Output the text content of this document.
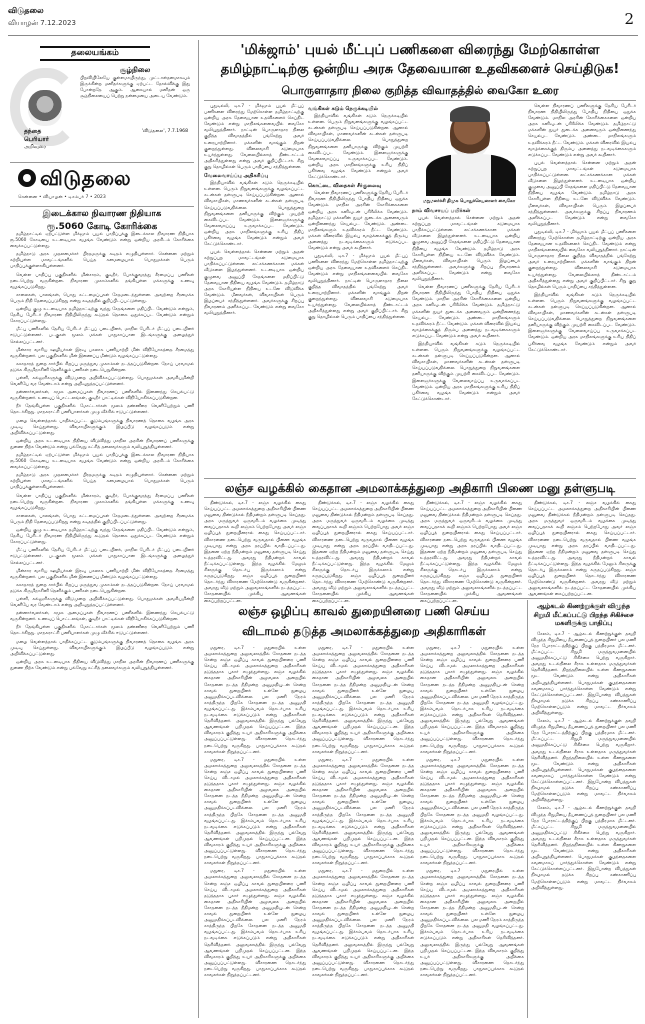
விடுதலை
வியாழன் 7.12.2023	2
தலையங்கம்
தந்தை
பெரியார்
அறிவுரை
சூழ்நிலை
பிறவியிலேயே குள்ளமாயிருந்து, முட்டாள்தனமாகவும் இருக்கின்ற மனிதர்களுக்கு ஏற்பட்ட தோல்விக்கு இது போன்றதே ஆகும். ஆகையால் மனிதன் ஒரு சூழ்நிலையைப் பெற்று நன்மையை அடைய வேண்டும்.
'விடுதலை', 7.7.1968
விடுதலை
சென்னை • வியாழன் • டிசம்பர் 7 • 2023
இடைக்கால நிவாரண நிதியாக
ரூ.5060 கோடி கோரிக்கை

தமிழ்நாட்டில் ஏற்பட்டுள்ள மிக்ஜாம் புயல் பாதிப்புக்கு இடைக்கால நிவாரண நிதியாக ரூ.5060 கோடியை உடனடியாக வழங்க வேண்டும் என்று ஒன்றிய அரசிடம் கோரிக்கை வைக்கப்பட்டுள்ளது.

தமிழ்நாடு அரசு முதலமைச்சர் பிரதமருக்கு கடிதம் எழுதியுள்ளார். சென்னை மற்றும் சுற்றியுள்ள மாவட்டங்களில் பெய்த கனமழையால் பொதுமக்கள் பெரும் பாதிப்புக்குள்ளாகியுள்ளனர்.

வெள்ள பாதிப்பு பகுதிகளில் மின்சாரம், குடிநீர், போக்குவரத்து சீரமைப்பு பணிகள் நடைபெற்று வருகின்றன. நிவாரண முகாம்களில் தங்கியுள்ள மக்களுக்கு உணவு வழங்கப்படுகிறது.

சாலைகள், பாலங்கள், பொது கட்டமைப்புகள் சேதமடைந்துள்ளன. அவற்றை சீரமைக்க பெரும் நிதி தேவைப்படுகிறது என்று கடிதத்தில் குறிப்பிடப்பட்டுள்ளது.

ஒன்றிய குழு உடனடியாக தமிழ்நாட்டிற்கு வந்து சேதங்களை மதிப்பிட வேண்டும் என்றும், தேசிய பேரிடர் நிவாரண நிதியிலிருந்து கூடுதல் தொகை ஒதுக்கப்பட வேண்டும் என்றும் கோரப்பட்டுள்ளது.

மீட்பு பணிகளில் தேசிய பேரிடர் மீட்புப் படையினர், மாநில பேரிடர் மீட்புப் படையினர் ஈடுபட்டுள்ளனர். படகுகள் மூலம் மக்கள் பாதுகாப்பான இடங்களுக்கு அழைத்துச் செல்லப்பட்டனர்.

மின்சார வாரிய ஊழியர்கள் இரவு பகலாக பணியாற்றி மின் விநியோகத்தை சீரமைத்து வருகின்றனர். பல பகுதிகளில் மின் இணைப்பு மீண்டும் வழங்கப்பட்டுள்ளது.

சுகாதாரத் துறை சார்பில் சிறப்பு மருத்துவ முகாம்கள் நடத்தப்படுகின்றன. நோய் பரவாமல் தடுக்க கிருமிநாசினி தெளிக்கும் பணிகள் நடைபெறுகின்றன.

பள்ளி, கல்லூரிகளுக்கு விடுமுறை அறிவிக்கப்பட்டுள்ளது. பொதுமக்கள் அவசியமின்றி வெளியே வர வேண்டாம் என்று அறிவுறுத்தப்பட்டுள்ளனர்.

தன்னார்வலர்கள், சமூக அமைப்புகள் நிவாரணப் பணிகளில் இணைந்து செயல்பட்டு வருகின்றனர். உணவுப் பொட்டலங்கள், குடிநீர் பாட்டில்கள் விநியோகிக்கப்படுகின்றன.

நீர் தேங்கியுள்ள பகுதிகளில் மோட்டார்கள் மூலம் தண்ணீரை வெளியேற்றும் பணி தொடர்கிறது. மாநகராட்சி பணியாளர்கள் முழு வீச்சில் ஈடுபட்டுள்ளனர்.

மழை வெள்ளத்தால் பாதிக்கப்பட்ட குடும்பங்களுக்கு நிவாரணத் தொகை வழங்க அரசு முடிவு செய்துள்ளது. விவசாயிகளுக்கும் இழப்பீடு வழங்கப்படும் என்று அறிவிக்கப்பட்டுள்ளது.

ஒன்றிய அரசு உடனடியாக நிதியை விடுவித்து மாநில அரசின் நிவாரணப் பணிகளுக்கு துணை நிற்க வேண்டும் என்று பல்வேறு கட்சித் தலைவர்களும் வலியுறுத்தியுள்ளனர்.

தமிழ்நாட்டில் ஏற்பட்டுள்ள மிக்ஜாம் புயல் பாதிப்புக்கு இடைக்கால நிவாரண நிதியாக ரூ.5060 கோடியை உடனடியாக வழங்க வேண்டும் என்று ஒன்றிய அரசிடம் கோரிக்கை வைக்கப்பட்டுள்ளது.

தமிழ்நாடு அரசு முதலமைச்சர் பிரதமருக்கு கடிதம் எழுதியுள்ளார். சென்னை மற்றும் சுற்றியுள்ள மாவட்டங்களில் பெய்த கனமழையால் பொதுமக்கள் பெரும் பாதிப்புக்குள்ளாகியுள்ளனர்.

வெள்ள பாதிப்பு பகுதிகளில் மின்சாரம், குடிநீர், போக்குவரத்து சீரமைப்பு பணிகள் நடைபெற்று வருகின்றன. நிவாரண முகாம்களில் தங்கியுள்ள மக்களுக்கு உணவு வழங்கப்படுகிறது.

சாலைகள், பாலங்கள், பொது கட்டமைப்புகள் சேதமடைந்துள்ளன. அவற்றை சீரமைக்க பெரும் நிதி தேவைப்படுகிறது என்று கடிதத்தில் குறிப்பிடப்பட்டுள்ளது.

ஒன்றிய குழு உடனடியாக தமிழ்நாட்டிற்கு வந்து சேதங்களை மதிப்பிட வேண்டும் என்றும், தேசிய பேரிடர் நிவாரண நிதியிலிருந்து கூடுதல் தொகை ஒதுக்கப்பட வேண்டும் என்றும் கோரப்பட்டுள்ளது.

மீட்பு பணிகளில் தேசிய பேரிடர் மீட்புப் படையினர், மாநில பேரிடர் மீட்புப் படையினர் ஈடுபட்டுள்ளனர். படகுகள் மூலம் மக்கள் பாதுகாப்பான இடங்களுக்கு அழைத்துச் செல்லப்பட்டனர்.

மின்சார வாரிய ஊழியர்கள் இரவு பகலாக பணியாற்றி மின் விநியோகத்தை சீரமைத்து வருகின்றனர். பல பகுதிகளில் மின் இணைப்பு மீண்டும் வழங்கப்பட்டுள்ளது.

சுகாதாரத் துறை சார்பில் சிறப்பு மருத்துவ முகாம்கள் நடத்தப்படுகின்றன. நோய் பரவாமல் தடுக்க கிருமிநாசினி தெளிக்கும் பணிகள் நடைபெறுகின்றன.

பள்ளி, கல்லூரிகளுக்கு விடுமுறை அறிவிக்கப்பட்டுள்ளது. பொதுமக்கள் அவசியமின்றி வெளியே வர வேண்டாம் என்று அறிவுறுத்தப்பட்டுள்ளனர்.

தன்னார்வலர்கள், சமூக அமைப்புகள் நிவாரணப் பணிகளில் இணைந்து செயல்பட்டு வருகின்றனர். உணவுப் பொட்டலங்கள், குடிநீர் பாட்டில்கள் விநியோகிக்கப்படுகின்றன.

நீர் தேங்கியுள்ள பகுதிகளில் மோட்டார்கள் மூலம் தண்ணீரை வெளியேற்றும் பணி தொடர்கிறது. மாநகராட்சி பணியாளர்கள் முழு வீச்சில் ஈடுபட்டுள்ளனர்.

மழை வெள்ளத்தால் பாதிக்கப்பட்ட குடும்பங்களுக்கு நிவாரணத் தொகை வழங்க அரசு முடிவு செய்துள்ளது. விவசாயிகளுக்கும் இழப்பீடு வழங்கப்படும் என்று அறிவிக்கப்பட்டுள்ளது.

ஒன்றிய அரசு உடனடியாக நிதியை விடுவித்து மாநில அரசின் நிவாரணப் பணிகளுக்கு துணை நிற்க வேண்டும் என்று பல்வேறு கட்சித் தலைவர்களும் வலியுறுத்தியுள்ளனர்.

'மிக்ஜாம்' புயல் மீட்புப் பணிகளை விரைந்து மேற்கொள்ள
தமிழ்நாட்டிற்கு ஒன்றிய அரசு தேவையான உதவிகளைச் செய்திடுக!
பொருளாதார நிலை குறித்த விவாதத்தில் வைகோ உரை

புதுடில்லி, டிச.7 - மிக்ஜாம் புயல் மீட்புப் பணிகளை விரைந்து மேற்கொள்ள தமிழ்நாட்டிற்கு ஒன்றிய அரசு தேவையான உதவிகளைச் செய்திட வேண்டும் என்று மாநிலங்களவையில் வைகோ வலியுறுத்தினார். நாட்டின் பொருளாதார நிலை குறித்த விவாதத்தில் பங்கேற்று அவர் உரையாற்றினார். மக்களின் வாங்கும் திறன் குறைந்துள்ளது. விலைவாசி கடுமையாக உயர்ந்துள்ளது. வேலையில்லாத் திண்டாட்டம் அதிகரித்துள்ளது என்று அவர் குறிப்பிட்டார். சிறு குறு தொழில்கள் பெரும் பாதிப்பை சந்தித்துள்ளன.

வேலைவாய்ப்பு அதிகரிப்பு

இந்தியாவில் வங்கிகள் கடும் நெருக்கடியில் உள்ளன. பெரும் நிறுவனங்களுக்கு வழங்கப்பட்ட கடன்கள் தள்ளுபடி செய்யப்படுகின்றன. ஆனால் விவசாயிகள், மாணவர்களின் கடன்கள் தள்ளுபடி செய்யப்படுவதில்லை. பொதுத்துறை நிறுவனங்களை தனியாருக்கு விற்கும் முயற்சி கைவிடப்பட வேண்டும். இளைஞர்களுக்கு வேலைவாய்ப்பு உருவாக்கப்பட வேண்டும். ஒன்றிய அரசு மாநிலங்களுக்கு உரிய நிதிப் பகிர்வை வழங்க வேண்டும் என்றும் அவர் கேட்டுக்கொண்டார்.

புயல் வெள்ளத்தால் சென்னை மற்றும் அதன் சுற்றுப்புற மாவட்டங்கள் கடுமையாக பாதிக்கப்பட்டுள்ளன. லட்சக்கணக்கான மக்கள் வீடுகளை இழந்துள்ளனர். உடனடியாக ஒன்றிய குழுவை அனுப்பி சேதங்களை மதிப்பிட்டு தேவையான நிதியை வழங்க வேண்டும். தமிழ்நாடு அரசு கோரியுள்ள நிதியை உடனே விடுவிக்க வேண்டும். மீனவர்கள், விவசாயிகள் பெரும் இழப்பைச் சந்தித்துள்ளனர். அவர்களுக்கு சிறப்பு நிவாரணம் அளிக்கப்பட வேண்டும் என்று வைகோ வலியுறுத்தினார்.

வங்கிகள் கடும் நெருக்கடியில்

இந்தியாவில் வங்கிகள் கடும் நெருக்கடியில் உள்ளன. பெரும் நிறுவனங்களுக்கு வழங்கப்பட்ட கடன்கள் தள்ளுபடி செய்யப்படுகின்றன. ஆனால் விவசாயிகள், மாணவர்களின் கடன்கள் தள்ளுபடி செய்யப்படுவதில்லை. பொதுத்துறை நிறுவனங்களை தனியாருக்கு விற்கும் முயற்சி கைவிடப்பட வேண்டும். இளைஞர்களுக்கு வேலைவாய்ப்பு உருவாக்கப்பட வேண்டும். ஒன்றிய அரசு மாநிலங்களுக்கு உரிய நிதிப் பகிர்வை வழங்க வேண்டும் என்றும் அவர் கேட்டுக்கொண்டார்.

கொட்டை விதைகள் சீர்குலைவு

வெள்ள நிவாரணப் பணிகளுக்கு தேசிய பேரிடர் நிவாரண நிதியிலிருந்து போதிய நிதியை ஒதுக்க வேண்டும். மாநில அரசின் கோரிக்கைகளை ஒன்றிய அரசு கனிவுடன் பரிசீலிக்க வேண்டும். தமிழ்நாட்டு மக்களின் துயர் துடைக்க அனைவரும் ஒன்றிணைந்து செயல்பட வேண்டும். அண்டை மாநிலங்களும் உதவிக்கரம் நீட்ட வேண்டும். மக்கள் விரைவில் இயல்பு வாழ்க்கைக்குத் திரும்ப அனைத்து நடவடிக்கைகளும் எடுக்கப்பட வேண்டும் என்று அவர் கூறினார்.

புதுடில்லி, டிச.7 - மிக்ஜாம் புயல் மீட்புப் பணிகளை விரைந்து மேற்கொள்ள தமிழ்நாட்டிற்கு ஒன்றிய அரசு தேவையான உதவிகளைச் செய்திட வேண்டும் என்று மாநிலங்களவையில் வைகோ வலியுறுத்தினார். நாட்டின் பொருளாதார நிலை குறித்த விவாதத்தில் பங்கேற்று அவர் உரையாற்றினார். மக்களின் வாங்கும் திறன் குறைந்துள்ளது. விலைவாசி கடுமையாக உயர்ந்துள்ளது. வேலையில்லாத் திண்டாட்டம் அதிகரித்துள்ளது என்று அவர் குறிப்பிட்டார். சிறு குறு தொழில்கள் பெரும் பாதிப்பை சந்தித்துள்ளன.

மறுமலர்ச்சி திமுக பொதுச்செயலாளர் வைகோ

நாம் விவசாயப் பயிர்கள்

புயல் வெள்ளத்தால் சென்னை மற்றும் அதன் சுற்றுப்புற மாவட்டங்கள் கடுமையாக பாதிக்கப்பட்டுள்ளன. லட்சக்கணக்கான மக்கள் வீடுகளை இழந்துள்ளனர். உடனடியாக ஒன்றிய குழுவை அனுப்பி சேதங்களை மதிப்பிட்டு தேவையான நிதியை வழங்க வேண்டும். தமிழ்நாடு அரசு கோரியுள்ள நிதியை உடனே விடுவிக்க வேண்டும். மீனவர்கள், விவசாயிகள் பெரும் இழப்பைச் சந்தித்துள்ளனர். அவர்களுக்கு சிறப்பு நிவாரணம் அளிக்கப்பட வேண்டும் என்று வைகோ வலியுறுத்தினார்.

வெள்ள நிவாரணப் பணிகளுக்கு தேசிய பேரிடர் நிவாரண நிதியிலிருந்து போதிய நிதியை ஒதுக்க வேண்டும். மாநில அரசின் கோரிக்கைகளை ஒன்றிய அரசு கனிவுடன் பரிசீலிக்க வேண்டும். தமிழ்நாட்டு மக்களின் துயர் துடைக்க அனைவரும் ஒன்றிணைந்து செயல்பட வேண்டும். அண்டை மாநிலங்களும் உதவிக்கரம் நீட்ட வேண்டும். மக்கள் விரைவில் இயல்பு வாழ்க்கைக்குத் திரும்ப அனைத்து நடவடிக்கைகளும் எடுக்கப்பட வேண்டும் என்று அவர் கூறினார்.

இந்தியாவில் வங்கிகள் கடும் நெருக்கடியில் உள்ளன. பெரும் நிறுவனங்களுக்கு வழங்கப்பட்ட கடன்கள் தள்ளுபடி செய்யப்படுகின்றன. ஆனால் விவசாயிகள், மாணவர்களின் கடன்கள் தள்ளுபடி செய்யப்படுவதில்லை. பொதுத்துறை நிறுவனங்களை தனியாருக்கு விற்கும் முயற்சி கைவிடப்பட வேண்டும். இளைஞர்களுக்கு வேலைவாய்ப்பு உருவாக்கப்பட வேண்டும். ஒன்றிய அரசு மாநிலங்களுக்கு உரிய நிதிப் பகிர்வை வழங்க வேண்டும் என்றும் அவர் கேட்டுக்கொண்டார்.

வெள்ள நிவாரணப் பணிகளுக்கு தேசிய பேரிடர் நிவாரண நிதியிலிருந்து போதிய நிதியை ஒதுக்க வேண்டும். மாநில அரசின் கோரிக்கைகளை ஒன்றிய அரசு கனிவுடன் பரிசீலிக்க வேண்டும். தமிழ்நாட்டு மக்களின் துயர் துடைக்க அனைவரும் ஒன்றிணைந்து செயல்பட வேண்டும். அண்டை மாநிலங்களும் உதவிக்கரம் நீட்ட வேண்டும். மக்கள் விரைவில் இயல்பு வாழ்க்கைக்குத் திரும்ப அனைத்து நடவடிக்கைகளும் எடுக்கப்பட வேண்டும் என்று அவர் கூறினார்.

புயல் வெள்ளத்தால் சென்னை மற்றும் அதன் சுற்றுப்புற மாவட்டங்கள் கடுமையாக பாதிக்கப்பட்டுள்ளன. லட்சக்கணக்கான மக்கள் வீடுகளை இழந்துள்ளனர். உடனடியாக ஒன்றிய குழுவை அனுப்பி சேதங்களை மதிப்பிட்டு தேவையான நிதியை வழங்க வேண்டும். தமிழ்நாடு அரசு கோரியுள்ள நிதியை உடனே விடுவிக்க வேண்டும். மீனவர்கள், விவசாயிகள் பெரும் இழப்பைச் சந்தித்துள்ளனர். அவர்களுக்கு சிறப்பு நிவாரணம் அளிக்கப்பட வேண்டும் என்று வைகோ வலியுறுத்தினார்.

புதுடில்லி, டிச.7 - மிக்ஜாம் புயல் மீட்புப் பணிகளை விரைந்து மேற்கொள்ள தமிழ்நாட்டிற்கு ஒன்றிய அரசு தேவையான உதவிகளைச் செய்திட வேண்டும் என்று மாநிலங்களவையில் வைகோ வலியுறுத்தினார். நாட்டின் பொருளாதார நிலை குறித்த விவாதத்தில் பங்கேற்று அவர் உரையாற்றினார். மக்களின் வாங்கும் திறன் குறைந்துள்ளது. விலைவாசி கடுமையாக உயர்ந்துள்ளது. வேலையில்லாத் திண்டாட்டம் அதிகரித்துள்ளது என்று அவர் குறிப்பிட்டார். சிறு குறு தொழில்கள் பெரும் பாதிப்பை சந்தித்துள்ளன.

இந்தியாவில் வங்கிகள் கடும் நெருக்கடியில் உள்ளன. பெரும் நிறுவனங்களுக்கு வழங்கப்பட்ட கடன்கள் தள்ளுபடி செய்யப்படுகின்றன. ஆனால் விவசாயிகள், மாணவர்களின் கடன்கள் தள்ளுபடி செய்யப்படுவதில்லை. பொதுத்துறை நிறுவனங்களை தனியாருக்கு விற்கும் முயற்சி கைவிடப்பட வேண்டும். இளைஞர்களுக்கு வேலைவாய்ப்பு உருவாக்கப்பட வேண்டும். ஒன்றிய அரசு மாநிலங்களுக்கு உரிய நிதிப் பகிர்வை வழங்க வேண்டும் என்றும் அவர் கேட்டுக்கொண்டார்.

லஞ்ச வழக்கில் கைதான அமலாக்கத்துறை அதிகாரி பிணை மனு தள்ளுபடி

திண்டுக்கல், டிச.7 - லஞ்ச வழக்கில் கைது செய்யப்பட்ட அமலாக்கத்துறை அதிகாரியின் பிணை மனுவை திண்டுக்கல் நீதிமன்றம் தள்ளுபடி செய்தது. அரசு மருத்துவர் ஒருவரிடம் வழக்கை முடித்து வைப்பதாகக் கூறி லஞ்சம் பெற்றபோது அவர் லஞ்ச ஒழிப்புத் துறையினரால் கைது செய்யப்பட்டார். விசாரணை நடைபெற்று வருவதால் பிணை வழங்க முடியாது என்று அரசு தரப்பில் வாதிடப்பட்டது. இதனை ஏற்ற நீதிமன்றம் மனுவை தள்ளுபடி செய்து உத்தரவிட்டது. அவரது நீதிமன்றக் காவல் நீட்டிக்கப்பட்டுள்ளது. இந்த வழக்கில் மேலும் சிலருக்கு தொடர்பு இருக்கலாம் என்று கருதப்படுகிறது. லஞ்ச ஒழிப்புத் துறையினர் தொடர்ந்து விசாரணை மேற்கொண்டு வருகின்றனர். அவரது வீடு மற்றும் அலுவலகங்களில் நடத்தப்பட்ட சோதனையில் முக்கிய ஆவணங்கள் கைப்பற்றப்பட்டன.

திண்டுக்கல், டிச.7 - லஞ்ச வழக்கில் கைது செய்யப்பட்ட அமலாக்கத்துறை அதிகாரியின் பிணை மனுவை திண்டுக்கல் நீதிமன்றம் தள்ளுபடி செய்தது. அரசு மருத்துவர் ஒருவரிடம் வழக்கை முடித்து வைப்பதாகக் கூறி லஞ்சம் பெற்றபோது அவர் லஞ்ச ஒழிப்புத் துறையினரால் கைது செய்யப்பட்டார். விசாரணை நடைபெற்று வருவதால் பிணை வழங்க முடியாது என்று அரசு தரப்பில் வாதிடப்பட்டது. இதனை ஏற்ற நீதிமன்றம் மனுவை தள்ளுபடி செய்து உத்தரவிட்டது. அவரது நீதிமன்றக் காவல் நீட்டிக்கப்பட்டுள்ளது. இந்த வழக்கில் மேலும் சிலருக்கு தொடர்பு இருக்கலாம் என்று கருதப்படுகிறது. லஞ்ச ஒழிப்புத் துறையினர் தொடர்ந்து விசாரணை மேற்கொண்டு வருகின்றனர். அவரது வீடு மற்றும் அலுவலகங்களில் நடத்தப்பட்ட சோதனையில் முக்கிய ஆவணங்கள் கைப்பற்றப்பட்டன.

திண்டுக்கல், டிச.7 - லஞ்ச வழக்கில் கைது செய்யப்பட்ட அமலாக்கத்துறை அதிகாரியின் பிணை மனுவை திண்டுக்கல் நீதிமன்றம் தள்ளுபடி செய்தது. அரசு மருத்துவர் ஒருவரிடம் வழக்கை முடித்து வைப்பதாகக் கூறி லஞ்சம் பெற்றபோது அவர் லஞ்ச ஒழிப்புத் துறையினரால் கைது செய்யப்பட்டார். விசாரணை நடைபெற்று வருவதால் பிணை வழங்க முடியாது என்று அரசு தரப்பில் வாதிடப்பட்டது. இதனை ஏற்ற நீதிமன்றம் மனுவை தள்ளுபடி செய்து உத்தரவிட்டது. அவரது நீதிமன்றக் காவல் நீட்டிக்கப்பட்டுள்ளது. இந்த வழக்கில் மேலும் சிலருக்கு தொடர்பு இருக்கலாம் என்று கருதப்படுகிறது. லஞ்ச ஒழிப்புத் துறையினர் தொடர்ந்து விசாரணை மேற்கொண்டு வருகின்றனர். அவரது வீடு மற்றும் அலுவலகங்களில் நடத்தப்பட்ட சோதனையில் முக்கிய ஆவணங்கள் கைப்பற்றப்பட்டன.

திண்டுக்கல், டிச.7 - லஞ்ச வழக்கில் கைது செய்யப்பட்ட அமலாக்கத்துறை அதிகாரியின் பிணை மனுவை திண்டுக்கல் நீதிமன்றம் தள்ளுபடி செய்தது. அரசு மருத்துவர் ஒருவரிடம் வழக்கை முடித்து வைப்பதாகக் கூறி லஞ்சம் பெற்றபோது அவர் லஞ்ச ஒழிப்புத் துறையினரால் கைது செய்யப்பட்டார். விசாரணை நடைபெற்று வருவதால் பிணை வழங்க முடியாது என்று அரசு தரப்பில் வாதிடப்பட்டது. இதனை ஏற்ற நீதிமன்றம் மனுவை தள்ளுபடி செய்து உத்தரவிட்டது. அவரது நீதிமன்றக் காவல் நீட்டிக்கப்பட்டுள்ளது. இந்த வழக்கில் மேலும் சிலருக்கு தொடர்பு இருக்கலாம் என்று கருதப்படுகிறது. லஞ்ச ஒழிப்புத் துறையினர் தொடர்ந்து விசாரணை மேற்கொண்டு வருகின்றனர். அவரது வீடு மற்றும் அலுவலகங்களில் நடத்தப்பட்ட சோதனையில் முக்கிய ஆவணங்கள் கைப்பற்றப்பட்டன.

லஞ்ச ஒழிப்பு காவல் துறையினரை பணி செய்ய
விடாமல் தடுத்த அமலாக்கத்துறை அதிகாரிகள்

மதுரை, டிச.7 - மதுரையில் உள்ள அமலாக்கத்துறை அலுவலகத்தில் சோதனை நடத்த சென்ற லஞ்ச ஒழிப்பு காவல் துறையினரை பணி செய்ய விடாமல் அமலாக்கத்துறை அதிகாரிகள் தடுத்ததாக புகார் எழுந்துள்ளது. லஞ்ச வழக்கில் கைதான அதிகாரியின் அலுவலக அறையில் சோதனை நடத்த நீதிமன்ற அனுமதியுடன் சென்ற காவல் துறையினர் உள்ளே நுழைய அனுமதிக்கப்படவில்லை. பல மணி நேரம் காத்திருந்த பிறகே சோதனை நடத்த அனுமதி வழங்கப்பட்டது. இச்சம்பவம் தொடர்பாக உரிய நடவடிக்கை எடுக்கப்படும் என்று அதிகாரிகள் தெரிவித்தனர். அலுவலகத்தில் இருந்து பல்வேறு ஆவணங்கள் பறிமுதல் செய்யப்பட்டன. இந்த விவகாரம் குறித்து உயர் அதிகாரிகளுக்கு அறிக்கை அனுப்பப்பட்டுள்ளது. விசாரணை தொடர்ந்து நடைபெற்று வருகிறது. பாதுகாப்புக்காக கூடுதல் காவலர்கள் நிறுத்தப்பட்டனர்.

மதுரை, டிச.7 - மதுரையில் உள்ள அமலாக்கத்துறை அலுவலகத்தில் சோதனை நடத்த சென்ற லஞ்ச ஒழிப்பு காவல் துறையினரை பணி செய்ய விடாமல் அமலாக்கத்துறை அதிகாரிகள் தடுத்ததாக புகார் எழுந்துள்ளது. லஞ்ச வழக்கில் கைதான அதிகாரியின் அலுவலக அறையில் சோதனை நடத்த நீதிமன்ற அனுமதியுடன் சென்ற காவல் துறையினர் உள்ளே நுழைய அனுமதிக்கப்படவில்லை. பல மணி நேரம் காத்திருந்த பிறகே சோதனை நடத்த அனுமதி வழங்கப்பட்டது. இச்சம்பவம் தொடர்பாக உரிய நடவடிக்கை எடுக்கப்படும் என்று அதிகாரிகள் தெரிவித்தனர். அலுவலகத்தில் இருந்து பல்வேறு ஆவணங்கள் பறிமுதல் செய்யப்பட்டன. இந்த விவகாரம் குறித்து உயர் அதிகாரிகளுக்கு அறிக்கை அனுப்பப்பட்டுள்ளது. விசாரணை தொடர்ந்து நடைபெற்று வருகிறது. பாதுகாப்புக்காக கூடுதல் காவலர்கள் நிறுத்தப்பட்டனர்.

மதுரை, டிச.7 - மதுரையில் உள்ள அமலாக்கத்துறை அலுவலகத்தில் சோதனை நடத்த சென்ற லஞ்ச ஒழிப்பு காவல் துறையினரை பணி செய்ய விடாமல் அமலாக்கத்துறை அதிகாரிகள் தடுத்ததாக புகார் எழுந்துள்ளது. லஞ்ச வழக்கில் கைதான அதிகாரியின் அலுவலக அறையில் சோதனை நடத்த நீதிமன்ற அனுமதியுடன் சென்ற காவல் துறையினர் உள்ளே நுழைய அனுமதிக்கப்படவில்லை. பல மணி நேரம் காத்திருந்த பிறகே சோதனை நடத்த அனுமதி வழங்கப்பட்டது. இச்சம்பவம் தொடர்பாக உரிய நடவடிக்கை எடுக்கப்படும் என்று அதிகாரிகள் தெரிவித்தனர். அலுவலகத்தில் இருந்து பல்வேறு ஆவணங்கள் பறிமுதல் செய்யப்பட்டன. இந்த விவகாரம் குறித்து உயர் அதிகாரிகளுக்கு அறிக்கை அனுப்பப்பட்டுள்ளது. விசாரணை தொடர்ந்து நடைபெற்று வருகிறது. பாதுகாப்புக்காக கூடுதல் காவலர்கள் நிறுத்தப்பட்டனர்.

மதுரை, டிச.7 - மதுரையில் உள்ள அமலாக்கத்துறை அலுவலகத்தில் சோதனை நடத்த சென்ற லஞ்ச ஒழிப்பு காவல் துறையினரை பணி செய்ய விடாமல் அமலாக்கத்துறை அதிகாரிகள் தடுத்ததாக புகார் எழுந்துள்ளது. லஞ்ச வழக்கில் கைதான அதிகாரியின் அலுவலக அறையில் சோதனை நடத்த நீதிமன்ற அனுமதியுடன் சென்ற காவல் துறையினர் உள்ளே நுழைய அனுமதிக்கப்படவில்லை. பல மணி நேரம் காத்திருந்த பிறகே சோதனை நடத்த அனுமதி வழங்கப்பட்டது. இச்சம்பவம் தொடர்பாக உரிய நடவடிக்கை எடுக்கப்படும் என்று அதிகாரிகள் தெரிவித்தனர். அலுவலகத்தில் இருந்து பல்வேறு ஆவணங்கள் பறிமுதல் செய்யப்பட்டன. இந்த விவகாரம் குறித்து உயர் அதிகாரிகளுக்கு அறிக்கை அனுப்பப்பட்டுள்ளது. விசாரணை தொடர்ந்து நடைபெற்று வருகிறது. பாதுகாப்புக்காக கூடுதல் காவலர்கள் நிறுத்தப்பட்டனர்.

மதுரை, டிச.7 - மதுரையில் உள்ள அமலாக்கத்துறை அலுவலகத்தில் சோதனை நடத்த சென்ற லஞ்ச ஒழிப்பு காவல் துறையினரை பணி செய்ய விடாமல் அமலாக்கத்துறை அதிகாரிகள் தடுத்ததாக புகார் எழுந்துள்ளது. லஞ்ச வழக்கில் கைதான அதிகாரியின் அலுவலக அறையில் சோதனை நடத்த நீதிமன்ற அனுமதியுடன் சென்ற காவல் துறையினர் உள்ளே நுழைய அனுமதிக்கப்படவில்லை. பல மணி நேரம் காத்திருந்த பிறகே சோதனை நடத்த அனுமதி வழங்கப்பட்டது. இச்சம்பவம் தொடர்பாக உரிய நடவடிக்கை எடுக்கப்படும் என்று அதிகாரிகள் தெரிவித்தனர். அலுவலகத்தில் இருந்து பல்வேறு ஆவணங்கள் பறிமுதல் செய்யப்பட்டன. இந்த விவகாரம் குறித்து உயர் அதிகாரிகளுக்கு அறிக்கை அனுப்பப்பட்டுள்ளது. விசாரணை தொடர்ந்து நடைபெற்று வருகிறது. பாதுகாப்புக்காக கூடுதல் காவலர்கள் நிறுத்தப்பட்டனர்.

மதுரை, டிச.7 - மதுரையில் உள்ள அமலாக்கத்துறை அலுவலகத்தில் சோதனை நடத்த சென்ற லஞ்ச ஒழிப்பு காவல் துறையினரை பணி செய்ய விடாமல் அமலாக்கத்துறை அதிகாரிகள் தடுத்ததாக புகார் எழுந்துள்ளது. லஞ்ச வழக்கில் கைதான அதிகாரியின் அலுவலக அறையில் சோதனை நடத்த நீதிமன்ற அனுமதியுடன் சென்ற காவல் துறையினர் உள்ளே நுழைய அனுமதிக்கப்படவில்லை. பல மணி நேரம் காத்திருந்த பிறகே சோதனை நடத்த அனுமதி வழங்கப்பட்டது. இச்சம்பவம் தொடர்பாக உரிய நடவடிக்கை எடுக்கப்படும் என்று அதிகாரிகள் தெரிவித்தனர். அலுவலகத்தில் இருந்து பல்வேறு ஆவணங்கள் பறிமுதல் செய்யப்பட்டன. இந்த விவகாரம் குறித்து உயர் அதிகாரிகளுக்கு அறிக்கை அனுப்பப்பட்டுள்ளது. விசாரணை தொடர்ந்து நடைபெற்று வருகிறது. பாதுகாப்புக்காக கூடுதல் காவலர்கள் நிறுத்தப்பட்டனர்.

மதுரை, டிச.7 - மதுரையில் உள்ள அமலாக்கத்துறை அலுவலகத்தில் சோதனை நடத்த சென்ற லஞ்ச ஒழிப்பு காவல் துறையினரை பணி செய்ய விடாமல் அமலாக்கத்துறை அதிகாரிகள் தடுத்ததாக புகார் எழுந்துள்ளது. லஞ்ச வழக்கில் கைதான அதிகாரியின் அலுவலக அறையில் சோதனை நடத்த நீதிமன்ற அனுமதியுடன் சென்ற காவல் துறையினர் உள்ளே நுழைய அனுமதிக்கப்படவில்லை. பல மணி நேரம் காத்திருந்த பிறகே சோதனை நடத்த அனுமதி வழங்கப்பட்டது. இச்சம்பவம் தொடர்பாக உரிய நடவடிக்கை எடுக்கப்படும் என்று அதிகாரிகள் தெரிவித்தனர். அலுவலகத்தில் இருந்து பல்வேறு ஆவணங்கள் பறிமுதல் செய்யப்பட்டன. இந்த விவகாரம் குறித்து உயர் அதிகாரிகளுக்கு அறிக்கை அனுப்பப்பட்டுள்ளது. விசாரணை தொடர்ந்து நடைபெற்று வருகிறது. பாதுகாப்புக்காக கூடுதல் காவலர்கள் நிறுத்தப்பட்டனர்.

மதுரை, டிச.7 - மதுரையில் உள்ள அமலாக்கத்துறை அலுவலகத்தில் சோதனை நடத்த சென்ற லஞ்ச ஒழிப்பு காவல் துறையினரை பணி செய்ய விடாமல் அமலாக்கத்துறை அதிகாரிகள் தடுத்ததாக புகார் எழுந்துள்ளது. லஞ்ச வழக்கில் கைதான அதிகாரியின் அலுவலக அறையில் சோதனை நடத்த நீதிமன்ற அனுமதியுடன் சென்ற காவல் துறையினர் உள்ளே நுழைய அனுமதிக்கப்படவில்லை. பல மணி நேரம் காத்திருந்த பிறகே சோதனை நடத்த அனுமதி வழங்கப்பட்டது. இச்சம்பவம் தொடர்பாக உரிய நடவடிக்கை எடுக்கப்படும் என்று அதிகாரிகள் தெரிவித்தனர். அலுவலகத்தில் இருந்து பல்வேறு ஆவணங்கள் பறிமுதல் செய்யப்பட்டன. இந்த விவகாரம் குறித்து உயர் அதிகாரிகளுக்கு அறிக்கை அனுப்பப்பட்டுள்ளது. விசாரணை தொடர்ந்து நடைபெற்று வருகிறது. பாதுகாப்புக்காக கூடுதல் காவலர்கள் நிறுத்தப்பட்டனர்.

மதுரை, டிச.7 - மதுரையில் உள்ள அமலாக்கத்துறை அலுவலகத்தில் சோதனை நடத்த சென்ற லஞ்ச ஒழிப்பு காவல் துறையினரை பணி செய்ய விடாமல் அமலாக்கத்துறை அதிகாரிகள் தடுத்ததாக புகார் எழுந்துள்ளது. லஞ்ச வழக்கில் கைதான அதிகாரியின் அலுவலக அறையில் சோதனை நடத்த நீதிமன்ற அனுமதியுடன் சென்ற காவல் துறையினர் உள்ளே நுழைய அனுமதிக்கப்படவில்லை. பல மணி நேரம் காத்திருந்த பிறகே சோதனை நடத்த அனுமதி வழங்கப்பட்டது. இச்சம்பவம் தொடர்பாக உரிய நடவடிக்கை எடுக்கப்படும் என்று அதிகாரிகள் தெரிவித்தனர். அலுவலகத்தில் இருந்து பல்வேறு ஆவணங்கள் பறிமுதல் செய்யப்பட்டன. இந்த விவகாரம் குறித்து உயர் அதிகாரிகளுக்கு அறிக்கை அனுப்பப்பட்டுள்ளது. விசாரணை தொடர்ந்து நடைபெற்று வருகிறது. பாதுகாப்புக்காக கூடுதல் காவலர்கள் நிறுத்தப்பட்டனர்.

ஆழ்கடல் கிணற்றுக்குள் விழுந்த சிறுமி மீட்கப்பட்டு பிறந்த சிகிச்சை மகளிருக்கு பாதிப்பு

சேலம், டிச.7 - ஆழ்கடல் கிணற்றுக்குள் தவறி விழுந்த சிறுமியை தீயணைப்புத் துறையினர் பல மணி நேர போராட்டத்திற்குப் பிறகு பத்திரமாக மீட்டனர். மீட்கப்பட்ட சிறுமி மருத்துவமனையில் அனுமதிக்கப்பட்டு சிகிச்சை பெற்று வருகிறார். அவரது உடல்நிலை சீராக உள்ளதாக மருத்துவர்கள் தெரிவித்தனர். திறந்தநிலையில் உள்ள கிணறுகளை மூட வேண்டும் என்று அதிகாரிகள் அறிவுறுத்தியுள்ளனர். பொதுமக்கள் குழந்தைகளை கவனமாகப் பார்த்துக்கொள்ள வேண்டும் என்று கேட்டுக்கொள்ளப்பட்டனர். இதுபோன்ற விபத்துகள் நிகழாமல் தடுக்க சிறப்பு கண்காணிப்பு மேற்கொள்ளப்படும் என்று மாவட்ட நிர்வாகம் அறிவித்துள்ளது.

சேலம், டிச.7 - ஆழ்கடல் கிணற்றுக்குள் தவறி விழுந்த சிறுமியை தீயணைப்புத் துறையினர் பல மணி நேர போராட்டத்திற்குப் பிறகு பத்திரமாக மீட்டனர். மீட்கப்பட்ட சிறுமி மருத்துவமனையில் அனுமதிக்கப்பட்டு சிகிச்சை பெற்று வருகிறார். அவரது உடல்நிலை சீராக உள்ளதாக மருத்துவர்கள் தெரிவித்தனர். திறந்தநிலையில் உள்ள கிணறுகளை மூட வேண்டும் என்று அதிகாரிகள் அறிவுறுத்தியுள்ளனர். பொதுமக்கள் குழந்தைகளை கவனமாகப் பார்த்துக்கொள்ள வேண்டும் என்று கேட்டுக்கொள்ளப்பட்டனர். இதுபோன்ற விபத்துகள் நிகழாமல் தடுக்க சிறப்பு கண்காணிப்பு மேற்கொள்ளப்படும் என்று மாவட்ட நிர்வாகம் அறிவித்துள்ளது.

சேலம், டிச.7 - ஆழ்கடல் கிணற்றுக்குள் தவறி விழுந்த சிறுமியை தீயணைப்புத் துறையினர் பல மணி நேர போராட்டத்திற்குப் பிறகு பத்திரமாக மீட்டனர். மீட்கப்பட்ட சிறுமி மருத்துவமனையில் அனுமதிக்கப்பட்டு சிகிச்சை பெற்று வருகிறார். அவரது உடல்நிலை சீராக உள்ளதாக மருத்துவர்கள் தெரிவித்தனர். திறந்தநிலையில் உள்ள கிணறுகளை மூட வேண்டும் என்று அதிகாரிகள் அறிவுறுத்தியுள்ளனர். பொதுமக்கள் குழந்தைகளை கவனமாகப் பார்த்துக்கொள்ள வேண்டும் என்று கேட்டுக்கொள்ளப்பட்டனர். இதுபோன்ற விபத்துகள் நிகழாமல் தடுக்க சிறப்பு கண்காணிப்பு மேற்கொள்ளப்படும் என்று மாவட்ட நிர்வாகம் அறிவித்துள்ளது.
